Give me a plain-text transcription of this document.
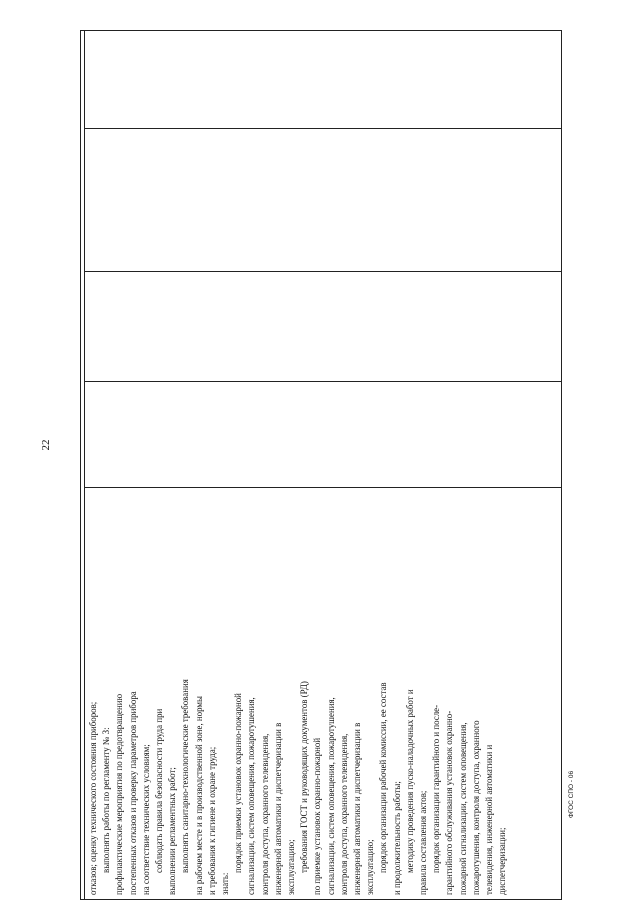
22

отказов; оценку технического состояния приборов; выполнять работы по регламенту № 3: профилактические мероприятия по предотвращению постепенных отказов и проверку параметров прибора на соответствие технических условиям; соблюдать правила безопасности труда при выполнении регламентных работ; выполнять санитарно-технологические требования на рабочем месте и в производственной зоне, нормы и требования к гигиене и охране труда; знать:

порядок приемки установок охранно-пожарной сигнализации, систем оповещения, пожаротушения, контроля доступа, охранного телевидения, инженерной автоматики и диспетчеризации в эксплуатацию; требования ГОСТ и руководящих документов (РД) по приемке установок охранно-пожарной сигнализации, систем оповещения, пожаротушения, контроля доступа, охранного телевидения, инженерной автоматики и диспетчеризации в эксплуатацию; порядок организации рабочей комиссии, ее состав и продолжительность работы; методику проведения пуско-наладочных работ и правила составления актов; порядок организации гарантийного и после- гарантийного обслуживания установок охранно- пожарной сигнализации, систем оповещения, пожаротушения, контроля доступа, охранного телевидения, инженерной автоматики и диспетчеризации;

ФГОС СПО - 06
